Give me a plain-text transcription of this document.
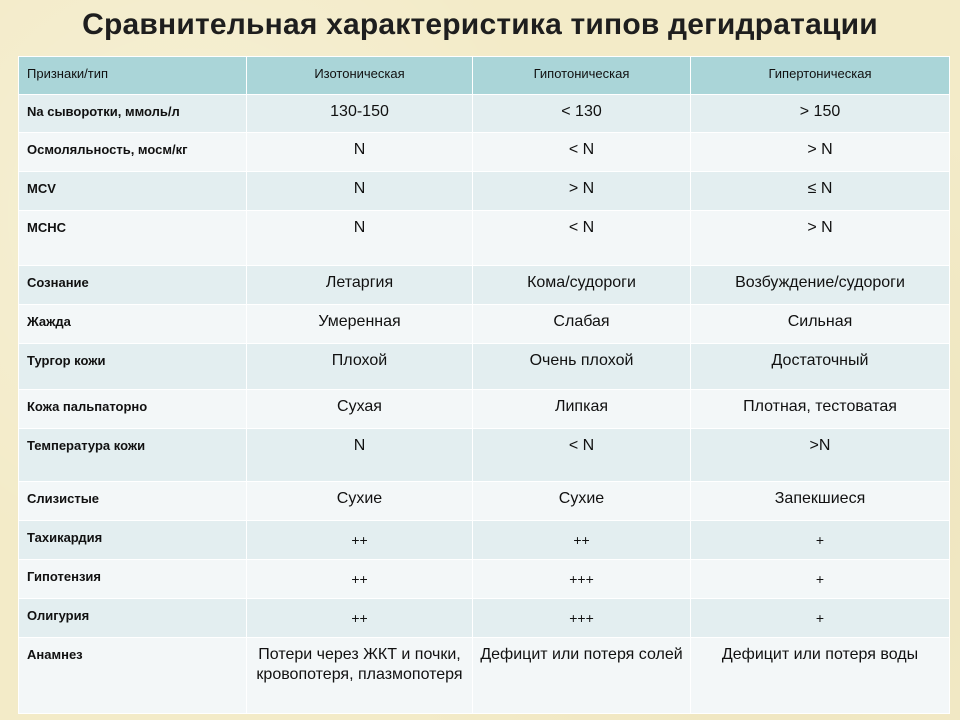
Сравнительная характеристика типов дегидратации
Признаки/тип	Изотоническая	Гипотоническая	Гипертоническая
Na сыворотки, ммоль/л	130-150	< 130	> 150
Осмоляльность, мосм/кг	N	< N	> N
MCV	N	> N	≤ N
MCHC	N	< N	> N
Сознание	Летаргия	Кома/судороги	Возбуждение/судороги
Жажда	Умеренная	Слабая	Сильная
Тургор кожи	Плохой	Очень плохой	Достаточный
Кожа пальпаторно	Сухая	Липкая	Плотная, тестоватая
Температура кожи	N	< N	>N
Слизистые	Сухие	Сухие	Запекшиеся
Тахикардия	++	++	+
Гипотензия	++	+++	+
Олигурия	++	+++	+
Анамнез	Потери через ЖКТ и почки, кровопотеря, плазмопотеря	Дефицит или потеря солей	Дефицит или потеря воды
